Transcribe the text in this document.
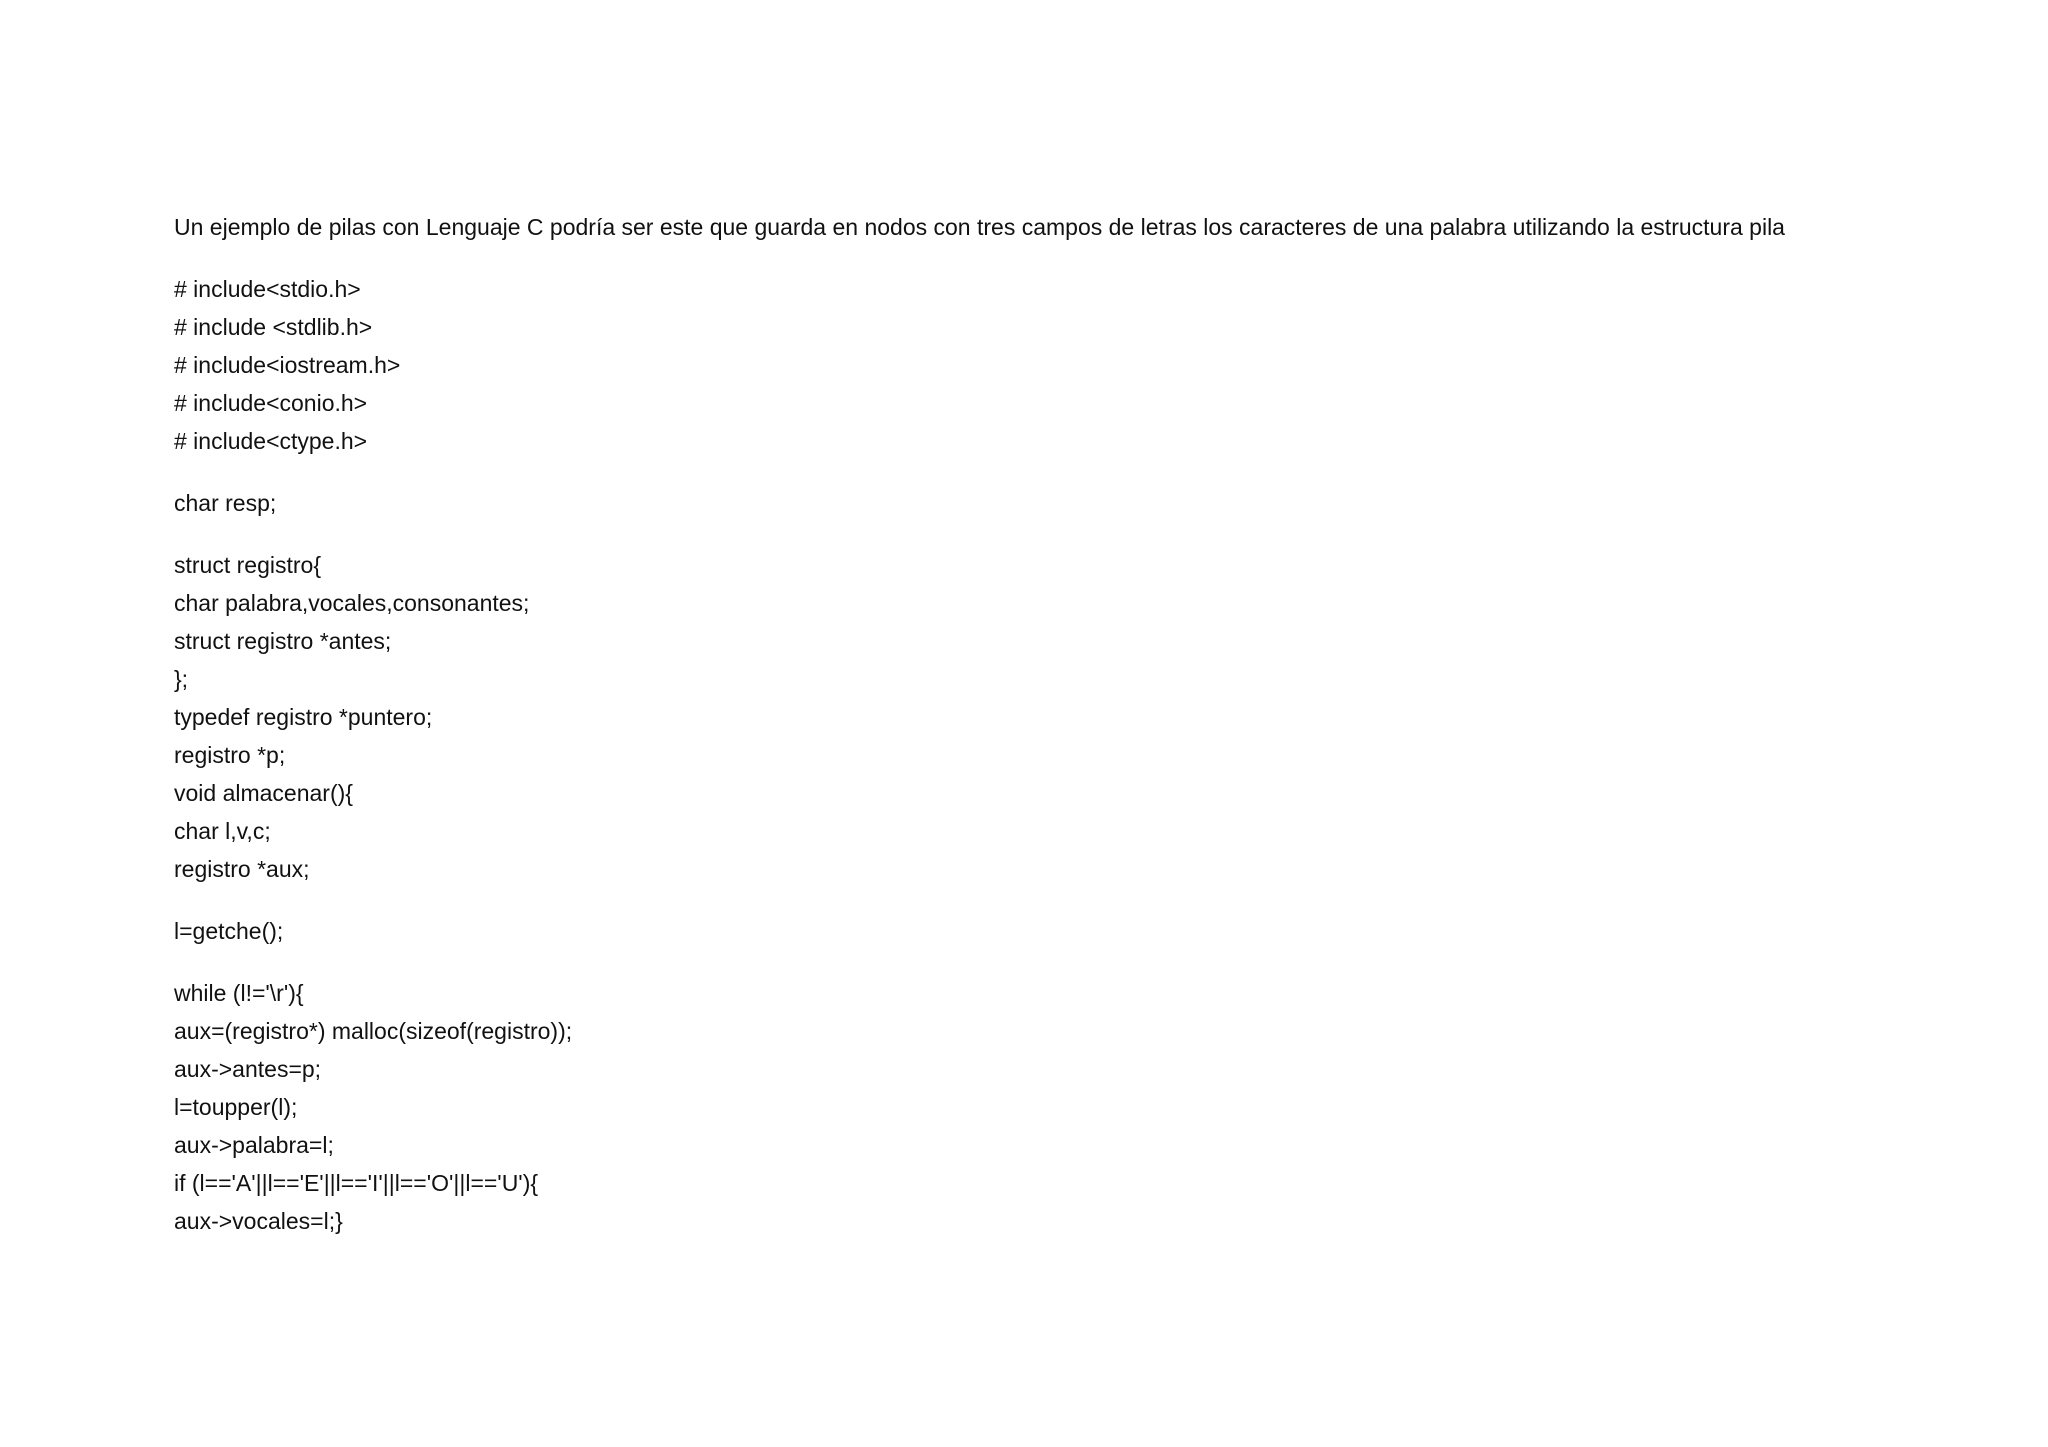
Un ejemplo de pilas con Lenguaje C podría ser este que guarda en nodos con tres campos de letras los caracteres de una palabra utilizando la estructura pila

# include<stdio.h>
# include <stdlib.h>
# include<iostream.h>
# include<conio.h>
# include<ctype.h>
char resp;
struct registro{
char palabra,vocales,consonantes;
struct registro *antes;
};
typedef registro *puntero;
registro *p;
void almacenar(){
char l,v,c;
registro *aux;
l=getche();
while (l!='\r'){
aux=(registro*) malloc(sizeof(registro));
aux->antes=p;
l=toupper(l);
aux->palabra=l;
if (l=='A'||l=='E'||l=='I'||l=='O'||l=='U'){
aux->vocales=l;}
